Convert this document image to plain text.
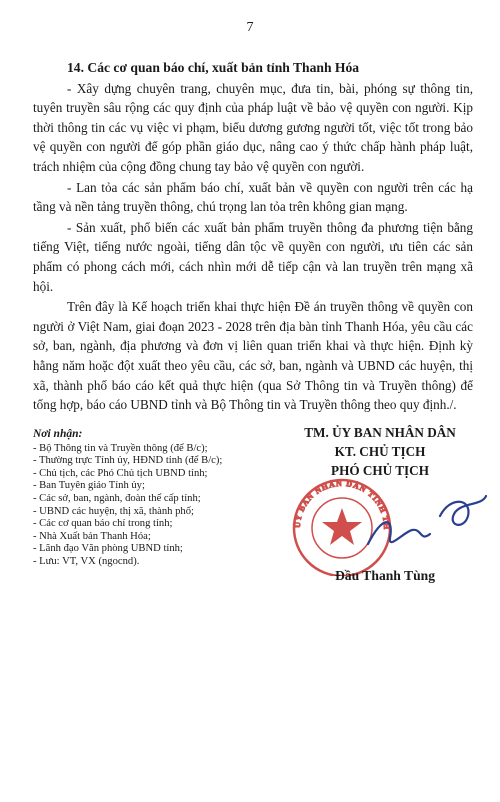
7
14. Các cơ quan báo chí, xuất bản tỉnh Thanh Hóa

- Xây dựng chuyên trang, chuyên mục, đưa tin, bài, phóng sự thông tin, tuyên truyền sâu rộng các quy định của pháp luật về bảo vệ quyền con người. Kịp thời thông tin các vụ việc vi phạm, biểu dương gương người tốt, việc tốt trong bảo vệ quyền con người để góp phần giáo dục, nâng cao ý thức chấp hành pháp luật, trách nhiệm của cộng đồng chung tay bảo vệ quyền con người.

- Lan tỏa các sản phẩm báo chí, xuất bản về quyền con người trên các hạ tầng và nền tảng truyền thông, chú trọng lan tỏa trên không gian mạng.

- Sản xuất, phổ biến các xuất bản phẩm truyền thông đa phương tiện bằng tiếng Việt, tiếng nước ngoài, tiếng dân tộc về quyền con người, ưu tiên các sản phẩm có phong cách mới, cách nhìn mới dễ tiếp cận và lan truyền trên mạng xã hội.

Trên đây là Kế hoạch triển khai thực hiện Đề án truyền thông về quyền con người ở Việt Nam, giai đoạn 2023 - 2028 trên địa bàn tỉnh Thanh Hóa, yêu cầu các sở, ban, ngành, địa phương và đơn vị liên quan triển khai và thực hiện. Định kỳ hằng năm hoặc đột xuất theo yêu cầu, các sở, ban, ngành và UBND các huyện, thị xã, thành phố báo cáo kết quả thực hiện (qua Sở Thông tin và Truyền thông) để tổng hợp, báo cáo UBND tỉnh và Bộ Thông tin và Truyền thông theo quy định./.

Nơi nhận:
- Bộ Thông tin và Truyền thông (để B/c);
- Thường trực Tỉnh ủy, HĐND tỉnh (để B/c);
- Chủ tịch, các Phó Chủ tịch UBND tỉnh;
- Ban Tuyên giáo Tỉnh ủy;
- Các sở, ban, ngành, đoàn thể cấp tỉnh;
- UBND các huyện, thị xã, thành phố;
- Các cơ quan báo chí trong tỉnh;
- Nhà Xuất bản Thanh Hóa;
- Lãnh đạo Văn phòng UBND tỉnh;
- Lưu: VT, VX (ngocnd).
TM. ỦY BAN NHÂN DÂN
KT. CHỦ TỊCH
PHÓ CHỦ TỊCH
ỦY BAN NHÂN DÂN TỈNH TH
Đầu Thanh Tùng
